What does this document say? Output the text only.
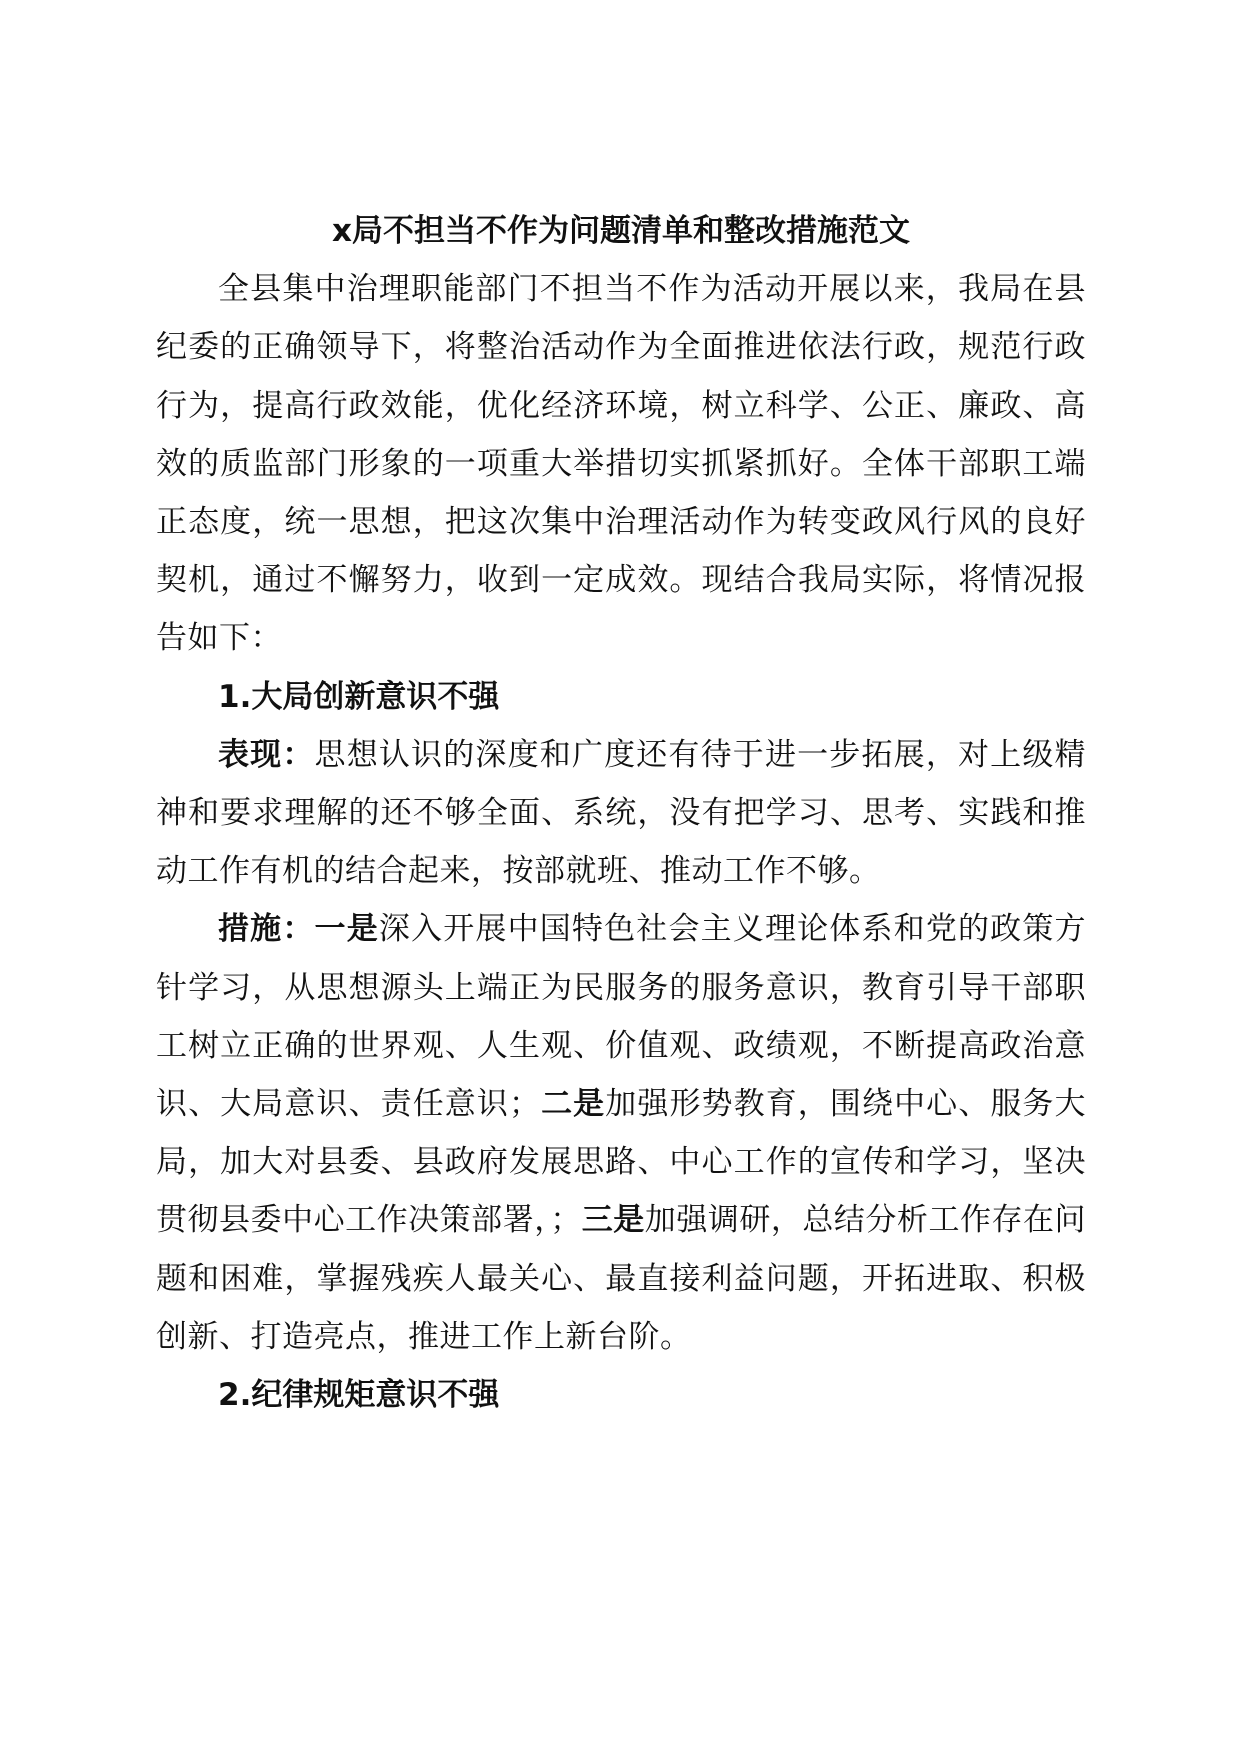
x局不担当不作为问题清单和整改措施范文

全县集中治理职能部门不担当不作为活动开展以来，我局在县纪委的正确领导下，将整治活动作为全面推进依法行政，规范行政行为，提高行政效能，优化经济环境，树立科学、公正、廉政、高效的质监部门形象的一项重大举措切实抓紧抓好。全体干部职工端正态度，统一思想，把这次集中治理活动作为转变政风行风的良好契机，通过不懈努力，收到一定成效。现结合我局实际，将情况报告如下：

1.大局创新意识不强

表现：思想认识的深度和广度还有待于进一步拓展，对上级精神和要求理解的还不够全面、系统，没有把学习、思考、实践和推动工作有机的结合起来，按部就班、推动工作不够。

措施：一是深入开展中国特色社会主义理论体系和党的政策方针学习，从思想源头上端正为民服务的服务意识，教育引导干部职工树立正确的世界观、人生观、价值观、政绩观，不断提高政治意识、大局意识、责任意识；二是加强形势教育，围绕中心、服务大局，加大对县委、县政府发展思路、中心工作的宣传和学习，坚决贯彻县委中心工作决策部署，；三是加强调研，总结分析工作存在问题和困难，掌握残疾人最关心、最直接利益问题，开拓进取、积极创新、打造亮点，推进工作上新台阶。

2.纪律规矩意识不强
